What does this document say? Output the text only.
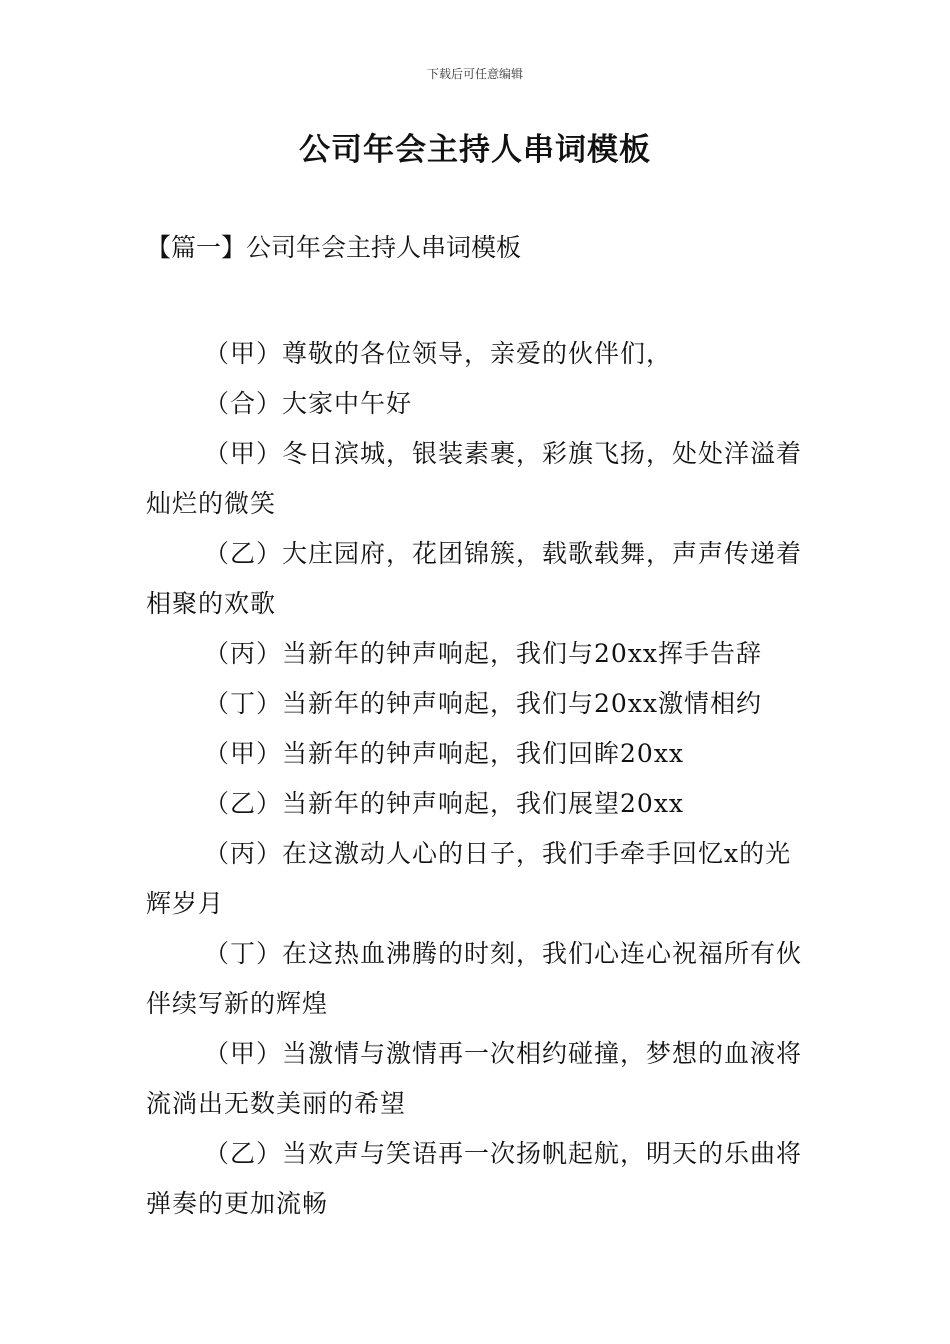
下载后可任意编辑
公司年会主持人串词模板
【篇一】公司年会主持人串词模板

（甲）尊敬的各位领导，亲爱的伙伴们，

（合）大家中午好

（甲）冬日滨城，银装素裹，彩旗飞扬，处处洋溢着灿烂的微笑

（乙）大庄园府，花团锦簇，载歌载舞，声声传递着相聚的欢歌

（丙）当新年的钟声响起，我们与20xx挥手告辞

（丁）当新年的钟声响起，我们与20xx激情相约

（甲）当新年的钟声响起，我们回眸20xx

（乙）当新年的钟声响起，我们展望20xx

（丙）在这激动人心的日子，我们手牵手回忆x的光辉岁月

（丁）在这热血沸腾的时刻，我们心连心祝福所有伙伴续写新的辉煌

（甲）当激情与激情再一次相约碰撞，梦想的血液将流淌出无数美丽的希望

（乙）当欢声与笑语再一次扬帆起航，明天的乐曲将弹奏的更加流畅
